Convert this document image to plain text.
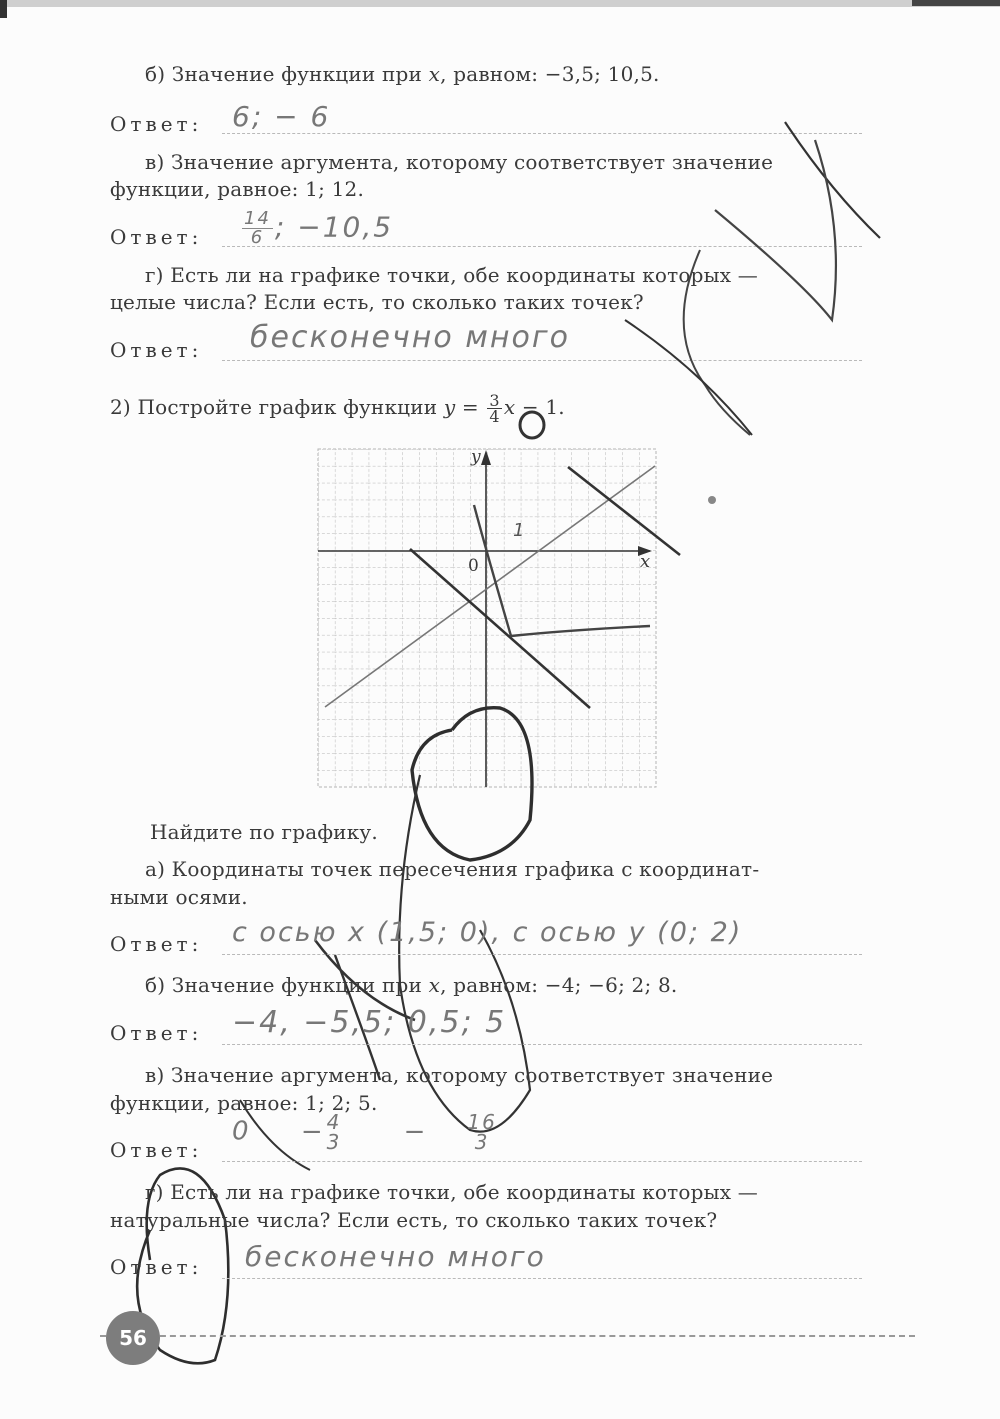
б) Значение функции при x, равном: −3,5; 10,5.
Ответ: 6; − 6
в) Значение аргумента, которому соответствует значение
функции, равное: 1; 12.
Ответ: $\frac{14}{6}$ ; −10,5
г) Есть ли на графике точки, обе координаты которых —
целые числа? Если есть, то сколько таких точек?
Ответ: бесконечно много
2) Постройте график функции $y = \frac{3}{4}$ x − 1.
y
x
0
1
Найдите по графику.
а) Координаты точек пересечения графика с координат-
ными осями.
Ответ: с осью x (1,5; 0), с осью y (0; 2)
б) Значение функции при x, равном: −4; −6; 2; 8.
Ответ: −4, −5,5; 0,5; 5
в) Значение аргумента, которому соответствует значение
функции, равное: 1; 2; 5.
Ответ:
0 − 4
3 − 16
3
г) Есть ли на графике точки, обе координаты которых —
натуральные числа? Если есть, то сколько таких точек?
Ответ: бесконечно много
56
